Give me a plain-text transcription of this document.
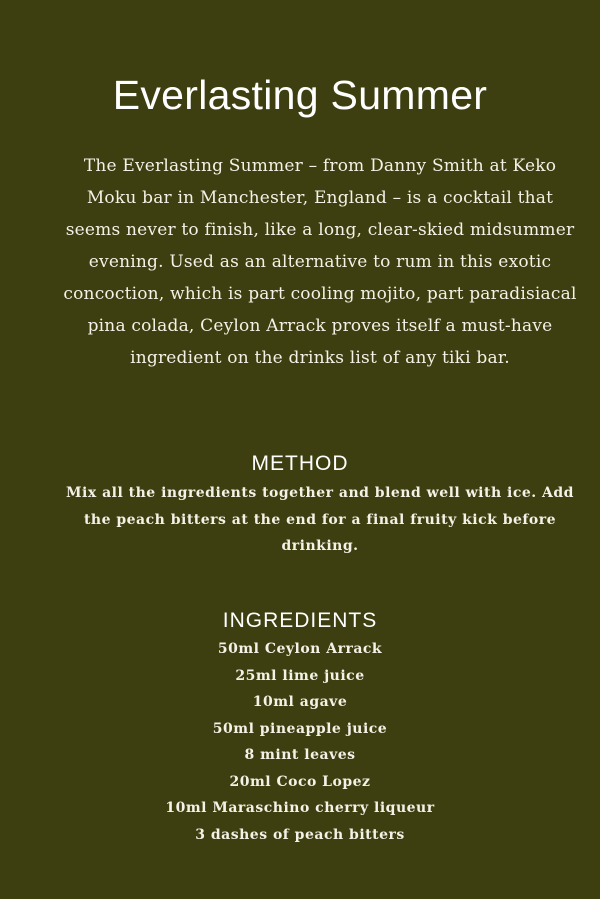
Everlasting Summer

The Everlasting Summer – from Danny Smith at Keko Moku bar in Manchester, England – is a cocktail that seems never to finish, like a long, clear-skied midsummer evening. Used as an alternative to rum in this exotic concoction, which is part cooling mojito, part paradisiacal pina colada, Ceylon Arrack proves itself a must-have ingredient on the drinks list of any tiki bar.

METHOD

Mix all the ingredients together and blend well with ice. Add the peach bitters at the end for a final fruity kick before drinking.

INGREDIENTS
50ml Ceylon Arrack
25ml lime juice
10ml agave
50ml pineapple juice
8 mint leaves
20ml Coco Lopez
10ml Maraschino cherry liqueur
3 dashes of peach bitters
